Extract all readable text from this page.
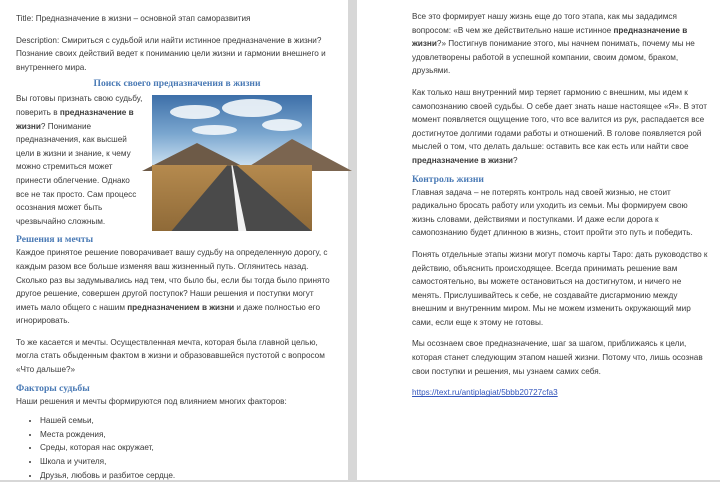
Title: Предназначение в жизни – основной этап саморазвития

Description: Смириться с судьбой или найти истинное предназначение в жизни? Познание своих действий ведет к пониманию цели жизни и гармонии внешнего и внутреннего мира.

Поиск своего предназначения в жизни

Вы готовы признать свою судьбу, поверить в предназначение в жизни? Понимание предназначения, как высшей цели в жизни и знание, к чему можно стремиться может принести облегчение. Однако все не так просто. Сам процесс осознания может быть чрезвычайно сложным.

Решения и мечты

Каждое принятое решение поворачивает вашу судьбу на определенную дорогу, с каждым разом все больше изменяя ваш жизненный путь. Оглянитесь назад. Сколько раз вы задумывались над тем, что было бы, если бы тогда было принято другое решение, совершен другой поступок? Наши решения и поступки могут иметь мало общего с нашим предназначением в жизни и даже полностью его игнорировать.

То же касается и мечты. Осуществленная мечта, которая была главной целью, могла стать обыденным фактом в жизни и образовавшейся пустотой с вопросом «Что дальше?»

Факторы судьбы

Наши решения и мечты формируются под влиянием многих факторов:

• Нашей семьи,
• Места рождения,
• Среды, которая нас окружает,
• Школа и учителя,
• Друзья, любовь и разбитое сердце.

Все это формирует нашу жизнь еще до того этапа, как мы зададимся вопросом: «В чем же действительно наше истинное предназначение в жизни?» Постигнув понимание этого, мы начнем понимать, почему мы не удовлетворены работой в успешной компании, своим домом, браком, друзьями.

Как только наш внутренний мир теряет гармонию с внешним, мы идем к самопознанию своей судьбы. О себе дает знать наше настоящее «Я». В этот момент появляется ощущение того, что все валится из рук, распадается все достигнутое долгими годами работы и отношений. В голове появляется рой мыслей о том, что делать дальше: оставить все как есть или найти свое предназначение в жизни?

Контроль жизни

Главная задача – не потерять контроль над своей жизнью, не стоит радикально бросать работу или уходить из семьи. Мы формируем свою жизнь словами, действиями и поступками. И даже если дорога к самопознанию будет длинною в жизнь, стоит пройти это путь и победить.

Понять отдельные этапы жизни могут помочь карты Таро: дать руководство к действию, объяснить происходящее. Всегда принимать решение вам самостоятельно, вы можете остановиться на достигнутом, и ничего не менять. Прислушивайтесь к себе, не создавайте дисгармонию между внешним и внутренним миром. Мы не можем изменить окружающий мир сами, если еще к этому не готовы.

Мы осознаем свое предназначение, шаг за шагом, приближаясь к цели, которая станет следующим этапом нашей жизни. Потому что, лишь осознав свои поступки и решения, мы узнаем самих себя.

https://text.ru/antiplagiat/5bbb20727cfa3
